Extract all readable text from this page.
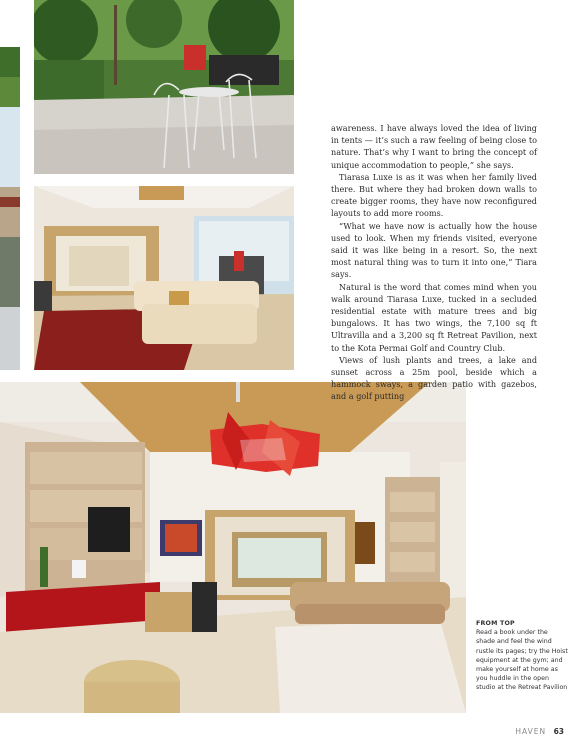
awareness. I have always loved the idea of living in tents — it’s such a raw feeling of being close to nature. That’s why I want to bring the concept of unique accommodation to people,” she says.

Tiarasa Luxe is as it was when her family lived there. But where they had broken down walls to create bigger rooms, they have now reconfigured layouts to add more rooms.

“What we have now is actually how the house used to look. When my friends visited, everyone said it was like being in a resort. So, the next most natural thing was to turn it into one,” Tiara says.

Natural is the word that comes mind when you walk around Tiarasa Luxe, tucked in a secluded residential estate with mature trees and big bungalows. It has two wings, the 7,100 sq ft Ultravilla and a 3,200 sq ft Retreat Pavilion, next to the Kota Permai Golf and Country Club.

Views of lush plants and trees, a lake and sunset across a 25m pool, beside which a hammock sways, a garden patio with gazebos, and a golf putting

FROM TOP
Read a book under the shade and feel the wind rustle its pages; try the Hoist equipment at the gym; and make yourself at home as you huddle in the open studio at the Retreat Pavilion
HAVEN 63
